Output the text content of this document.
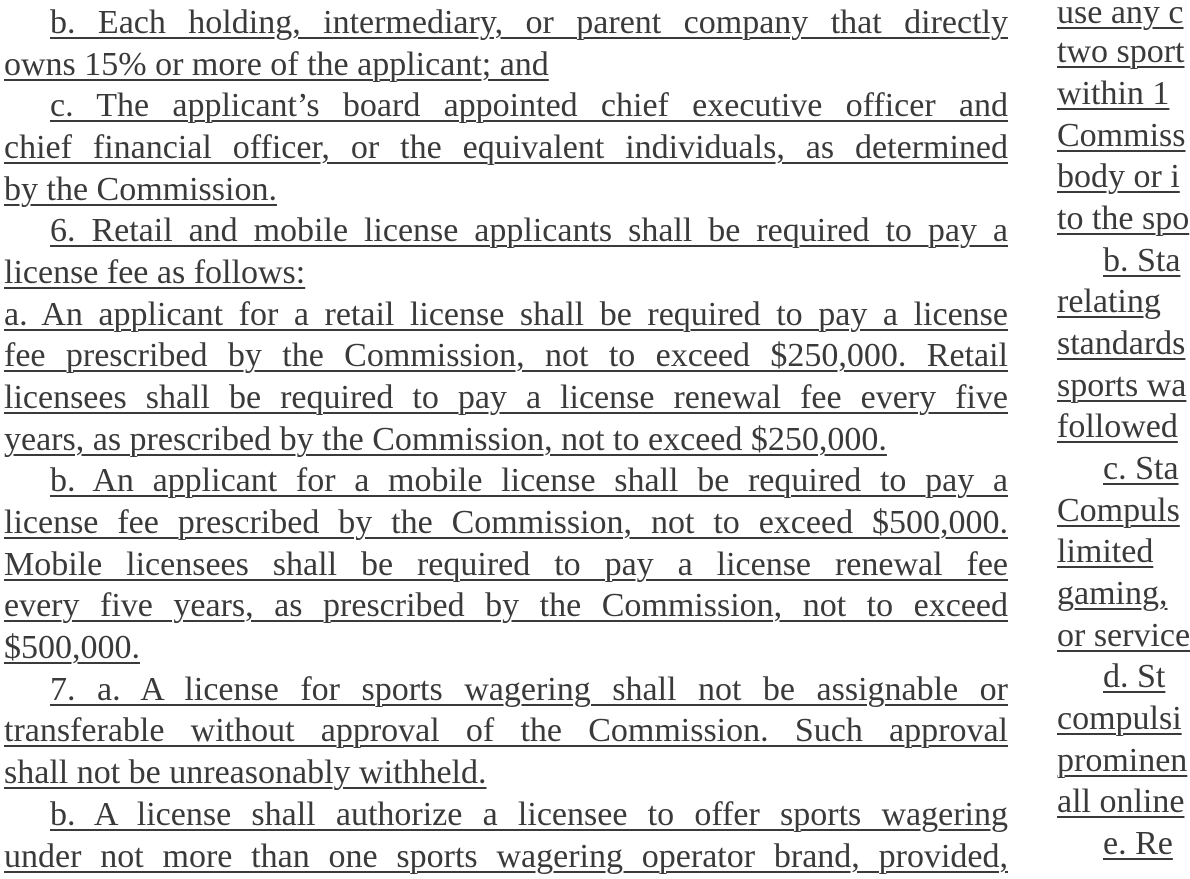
b. Each holding, intermediary, or parent company that directly
owns 15% or more of the applicant; and
c. The applicant’s board appointed chief executive officer and
chief financial officer, or the equivalent individuals, as determined
by the Commission.
6. Retail and mobile license applicants shall be required to pay a
license fee as follows:
a. An applicant for a retail license shall be required to pay a license
fee prescribed by the Commission, not to exceed $250,000. Retail
licensees shall be required to pay a license renewal fee every five
years, as prescribed by the Commission, not to exceed $250,000.
b. An applicant for a mobile license shall be required to pay a
license fee prescribed by the Commission, not to exceed $500,000.
Mobile licensees shall be required to pay a license renewal fee
every five years, as prescribed by the Commission, not to exceed
$500,000.
7. a. A license for sports wagering shall not be assignable or
transferable without approval of the Commission. Such approval
shall not be unreasonably withheld.
b. A license shall authorize a licensee to offer sports wagering
under not more than one sports wagering operator brand, provided,
use any c
two sport
within 1
Commiss
body or i
to the spo
b. Sta
relating
standards
sports wa
followed
c. Sta
Compuls
limited
gaming,
or service
d. St
compulsi
prominen
all online
e. Re
